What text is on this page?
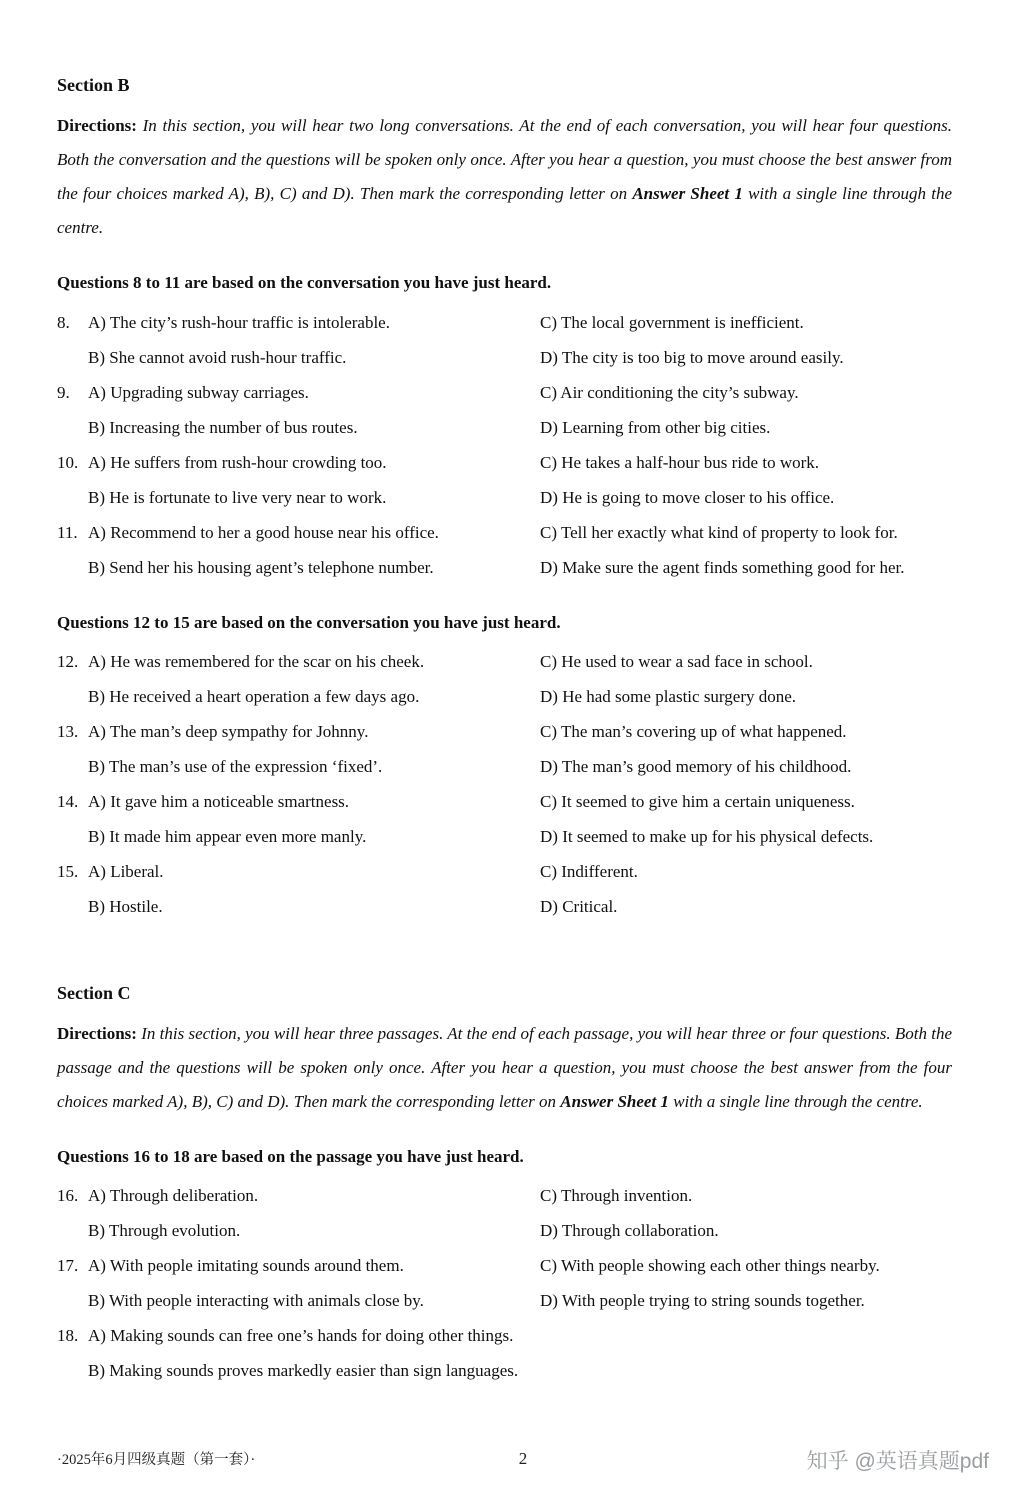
Section B

Directions: In this section, you will hear two long conversations. At the end of each conversation, you will hear four questions. Both the conversation and the questions will be spoken only once. After you hear a question, you must choose the best answer from the four choices marked A), B), C) and D). Then mark the corresponding letter on Answer Sheet 1 with a single line through the centre.

Questions 8 to 11 are based on the conversation you have just heard.
8.	A) The city’s rush-hour traffic is intolerable.	C) The local government is inefficient.
B) She cannot avoid rush-hour traffic.	D) The city is too big to move around easily.
9.	A) Upgrading subway carriages.	C) Air conditioning the city’s subway.
B) Increasing the number of bus routes.	D) Learning from other big cities.
10. A) He suffers from rush-hour crowding too.	C) He takes a half-hour bus ride to work.
B) He is fortunate to live very near to work.	D) He is going to move closer to his office.
11. A) Recommend to her a good house near his office.	C) Tell her exactly what kind of property to look for.
B) Send her his housing agent’s telephone number.	D) Make sure the agent finds something good for her.
Questions 12 to 15 are based on the conversation you have just heard.
12. A) He was remembered for the scar on his cheek.	C) He used to wear a sad face in school.
B) He received a heart operation a few days ago.	D) He had some plastic surgery done.
13. A) The man’s deep sympathy for Johnny.	C) The man’s covering up of what happened.
B) The man’s use of the expression ‘fixed’.	D) The man’s good memory of his childhood.
14. A) It gave him a noticeable smartness.	C) It seemed to give him a certain uniqueness.
B) It made him appear even more manly.	D) It seemed to make up for his physical defects.
15. A) Liberal.	C) Indifferent.
B) Hostile.	D) Critical.
Section C

Directions: In this section, you will hear three passages. At the end of each passage, you will hear three or four questions. Both the passage and the questions will be spoken only once. After you hear a question, you must choose the best answer from the four choices marked A), B), C) and D). Then mark the corresponding letter on Answer Sheet 1 with a single line through the centre.

Questions 16 to 18 are based on the passage you have just heard.
16. A) Through deliberation.	C) Through invention.
B) Through evolution.	D) Through collaboration.
17. A) With people imitating sounds around them.	C) With people showing each other things nearby.
B) With people interacting with animals close by.	D) With people trying to string sounds together.
18. A) Making sounds can free one’s hands for doing other things.
B) Making sounds proves markedly easier than sign languages.
·2025年6月四级真题（第一套）·	2	知乎 @英语真题pdf
